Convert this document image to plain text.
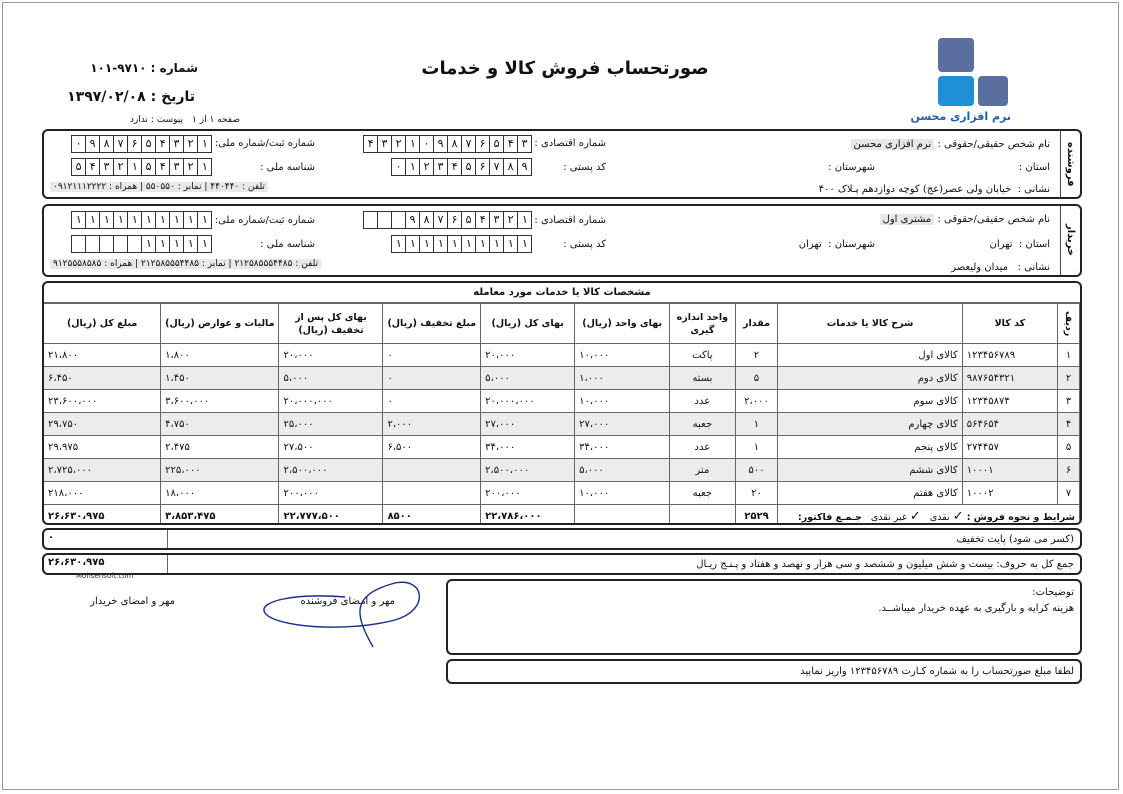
صورتحساب فروش کالا و خدمات
شماره : ۹۷۱۰-۱۰۱
تاریخ : ۱۳۹۷/۰۲/۰۸
صفحه ۱ از ۱
پیوست : ندارد	نرم افزاری محسن
فروشنده
نام شخص حقیقی/حقوقی : نرم افزاری محسن
استان :
شهرستان :
نشانی :  خیابان ولی عصر(عج) کوچه دوازدهم پـلاک ۴۰۰
شماره اقتصادی :
۳
۴
۵
۶
۷
۸
۹
۰
۱
۲
۳
۴
کد پستی :
۹
۸
۷
۶
۵
۴
۳
۲
۱
۰
شماره ثبت/شماره ملی:
۱
۲
۳
۴
۵
۶
۷
۸
۹
۰
شناسه ملی :
۱
۲
۳
۴
۵
۱
۲
۳
۴
۵
تلفن : ۴۴۰۴۴۰ | نمابر : ۵۵۰۵۵۰ | همراه : ۰۹۱۲۱۱۱۲۲۲۲
خریدار
نام شخص حقیقی/حقوقی : مشتری اول
استان :  تهران
شهرستان :  تهران
نشانی :   میدان ولیعصر
شماره اقتصادی :
۱
۲
۳
۴
۵
۶
۷
۸
۹
کد پستی :
۱
۱
۱
۱
۱
۱
۱
۱
۱
۱
شماره ثبت/شماره ملی:
۱
۱
۱
۱
۱
۱
۱
۱
۱
۱
شناسه ملی :
۱
۱
۱
۱
۱
تلفن : ۲۱۲۵۸۵۵۵۴۴۸۵ | نمابر : ۲۱۲۵۸۵۵۵۴۴۸۵ | همراه : ۹۱۲۵۵۵۸۵۸۵
مشخصات کالا یا خدمات مورد معامله
ردیف	کد کالا	شرح کالا یا خدمات	مقدار	واحد اندازه گیری	بهای واحد (ریال)	بهای کل (ریال)	مبلغ تخفیف (ریال)	بهای کل پس از تخفیف (ریال)	مالیات و عوارض (ریال)	مبلغ کل (ریال)
۱	۱۲۳۴۵۶۷۸۹	کالای اول	۲	پاکت	۱۰،۰۰۰	۲۰،۰۰۰	۰	۲۰،۰۰۰	۱،۸۰۰	۲۱،۸۰۰
۲	۹۸۷۶۵۴۳۲۱	کالای دوم	۵	بسته	۱،۰۰۰	۵،۰۰۰	۰	۵،۰۰۰	۱،۴۵۰	۶،۴۵۰
۳	۱۲۳۴۵۸۷۴	کالای سوم	۲،۰۰۰	عدد	۱۰،۰۰۰	۲۰،۰۰۰،۰۰۰	۰	۲۰،۰۰۰،۰۰۰	۳،۶۰۰،۰۰۰	۲۳،۶۰۰،۰۰۰
۴	۵۶۴۶۵۴	کالای چهارم	۱	جعبه	۲۷،۰۰۰	۲۷،۰۰۰	۲،۰۰۰	۲۵،۰۰۰	۴،۷۵۰	۲۹،۷۵۰
۵	۲۷۴۴۵۷	کالای پنجم	۱	عدد	۳۴،۰۰۰	۳۴،۰۰۰	۶،۵۰۰	۲۷،۵۰۰	۲،۴۷۵	۲۹،۹۷۵
۶	۱۰۰۰۱	کالای ششم	۵۰۰	متر	۵،۰۰۰	۲،۵۰۰،۰۰۰		۲،۵۰۰،۰۰۰	۲۲۵،۰۰۰	۲،۷۲۵،۰۰۰
۷	۱۰۰۰۲	کالای هفتم	۲۰	جعبه	۱۰،۰۰۰	۲۰۰،۰۰۰		۲۰۰،۰۰۰	۱۸،۰۰۰	۲۱۸،۰۰۰
شرایط و نحوه فروش : ✓ نقدی   ✓ غیر نقدی   جـمـع فاکتور:			۲۵۲۹			۲۲،۷۸۶،۰۰۰	۸۵۰۰	۲۲،۷۷۷،۵۰۰	۳،۸۵۳،۴۷۵	۲۶،۶۳۰،۹۷۵
(کسر می شود) پایت تخفیف
۰
جمع کل به حروف: بیست و شش میلیون و ششصد و سی هزار و نهصد و هفتاد و پـنـج ریـال
۲۶،۶۳۰،۹۷۵
Mohsensoft.com
مهر و امضای خریدار	مهر و امضای فروشنده
توضیحات:
هزینه کرایه و بارگیری به عهده خریدار میباشــد.
لطفا مبلغ صورتحساب را به شماره کـارت ۱۲۳۴۵۶۷۸۹ واریز نمایید
